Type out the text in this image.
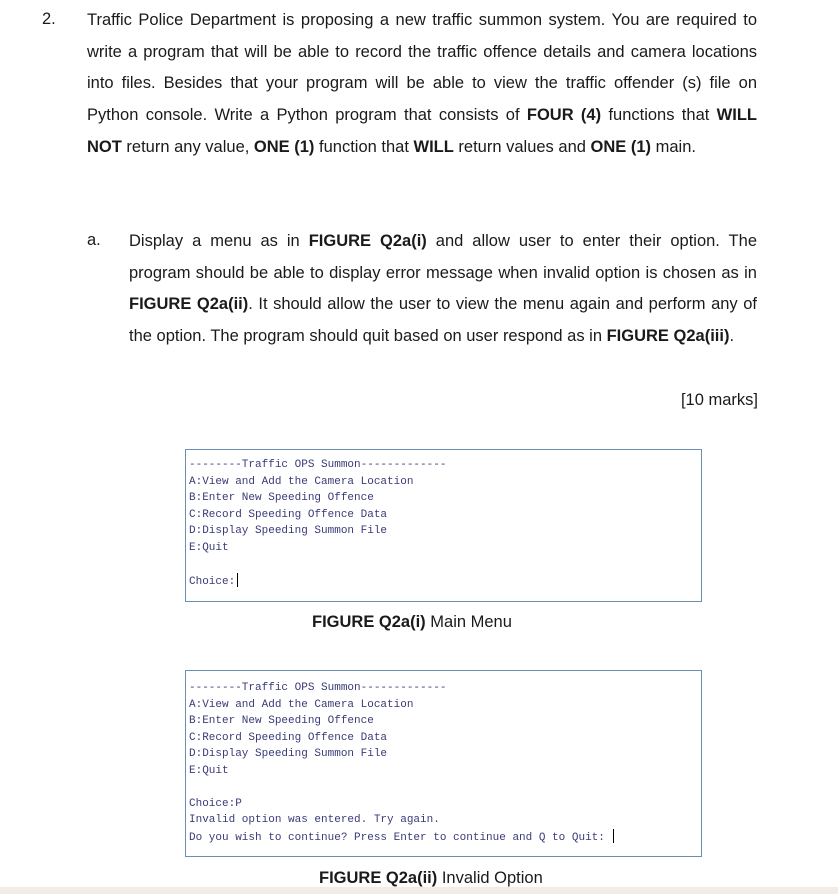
2. Traffic Police Department is proposing a new traffic summon system. You are required to write a program that will be able to record the traffic offence details and camera locations into files. Besides that your program will be able to view the traffic offender (s) file on Python console. Write a Python program that consists of FOUR (4) functions that WILL NOT return any value, ONE (1) function that WILL return values and ONE (1) main.

a. Display a menu as in FIGURE Q2a(i) and allow user to enter their option. The program should be able to display error message when invalid option is chosen as in FIGURE Q2a(ii). It should allow the user to view the menu again and perform any of the option. The program should quit based on user respond as in FIGURE Q2a(iii).

[10 marks]
--------Traffic OPS Summon-------------
A:View and Add the Camera Location
B:Enter New Speeding Offence
C:Record Speeding Offence Data
D:Display Speeding Summon File
E:Quit
Choice:
FIGURE Q2a(i) Main Menu
--------Traffic OPS Summon-------------
A:View and Add the Camera Location
B:Enter New Speeding Offence
C:Record Speeding Offence Data
D:Display Speeding Summon File
E:Quit
Choice:P
Invalid option was entered. Try again.
Do you wish to continue? Press Enter to continue and Q to Quit:
FIGURE Q2a(ii) Invalid Option
